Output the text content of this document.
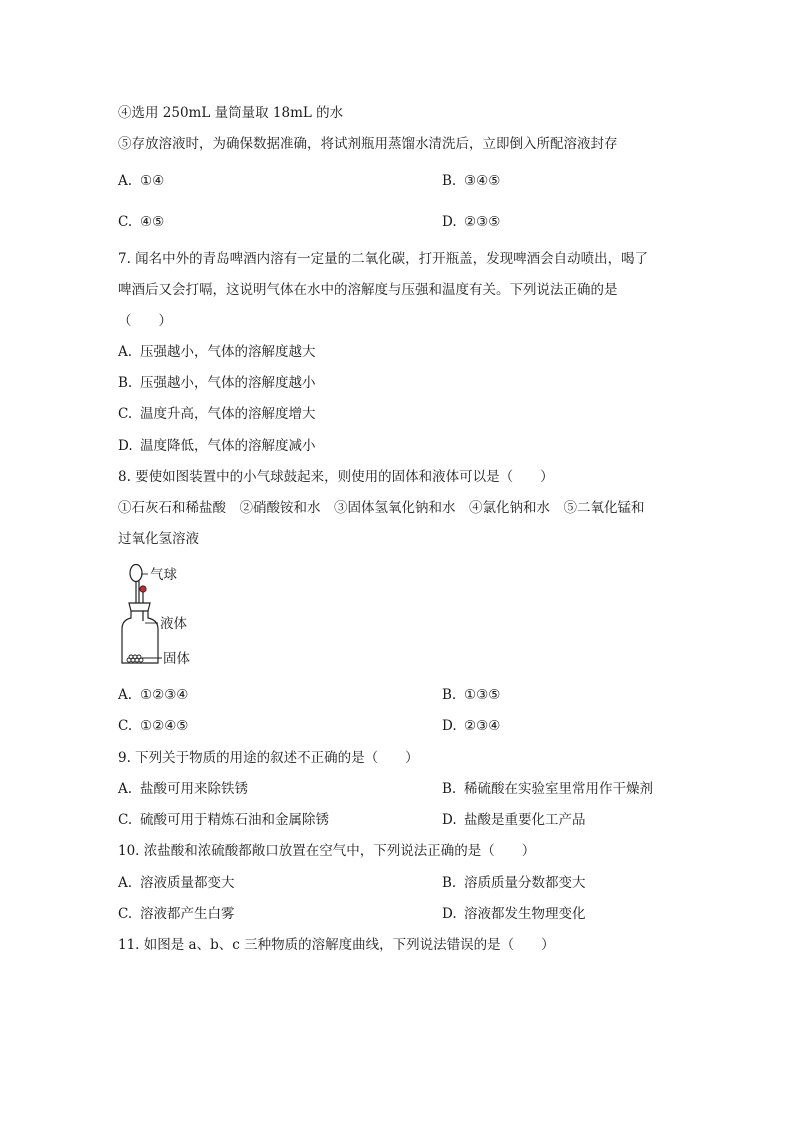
④选用 250mL 量筒量取 18mL 的水
⑤存放溶液时，为确保数据准确，将试剂瓶用蒸馏水清洗后，立即倒入所配溶液封存
A. ①④	B. ③④⑤
C. ④⑤	D. ②③⑤
7. 闻名中外的青岛啤酒内溶有一定量的二氧化碳，打开瓶盖，发现啤酒会自动喷出，喝了
啤酒后又会打嗝，这说明气体在水中的溶解度与压强和温度有关。下列说法正确的是
（　　）
A. 压强越小，气体的溶解度越大
B. 压强越小，气体的溶解度越小
C. 温度升高，气体的溶解度增大
D. 温度降低，气体的溶解度减小
8. 要使如图装置中的小气球鼓起来，则使用的固体和液体可以是（　　）
①石灰石和稀盐酸　②硝酸铵和水　③固体氢氧化钠和水　④氯化钠和水　⑤二氧化锰和
过氧化氢溶液
气球
液体
固体
A. ①②③④	B. ①③⑤
C. ①②④⑤	D. ②③④
9. 下列关于物质的用途的叙述不正确的是（　　）
A. 盐酸可用来除铁锈	B. 稀硫酸在实验室里常用作干燥剂
C. 硫酸可用于精炼石油和金属除锈	D. 盐酸是重要化工产品
10. 浓盐酸和浓硫酸都敞口放置在空气中，下列说法正确的是（　　）
A. 溶液质量都变大	B. 溶质质量分数都变大
C. 溶液都产生白雾	D. 溶液都发生物理变化
11. 如图是 a、b、c 三种物质的溶解度曲线，下列说法错误的是（　　）
